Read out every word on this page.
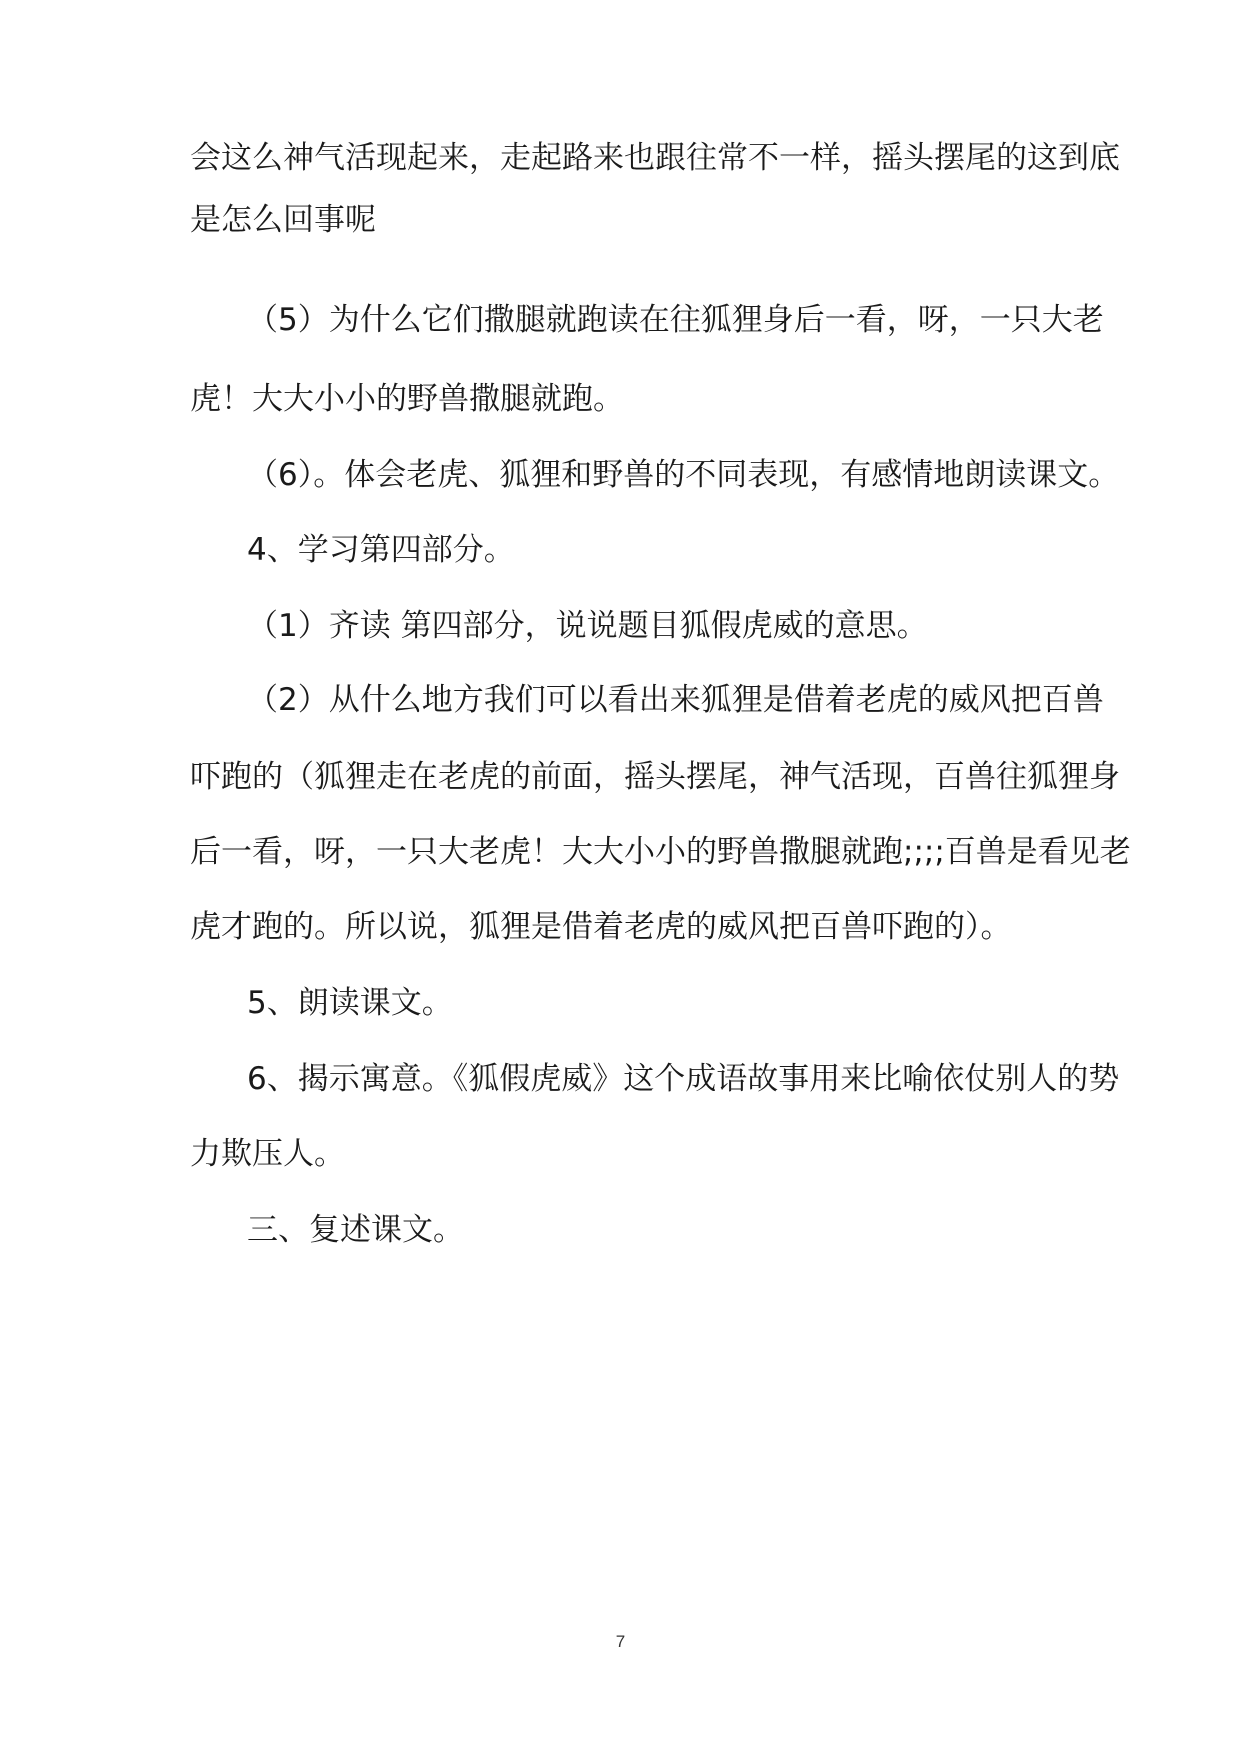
会这么神气活现起来，走起路来也跟往常不一样，摇头摆尾的这到底
是怎么回事呢
（5）为什么它们撒腿就跑读在往狐狸身后一看，呀，一只大老
虎！大大小小的野兽撒腿就跑。
（6）。体会老虎、狐狸和野兽的不同表现，有感情地朗读课文。
4、学习第四部分。
（1）齐读 第四部分，说说题目狐假虎威的意思。
（2）从什么地方我们可以看出来狐狸是借着老虎的威风把百兽
吓跑的（狐狸走在老虎的前面，摇头摆尾，神气活现，百兽往狐狸身
后一看，呀，一只大老虎！大大小小的野兽撒腿就跑;;;;百兽是看见老
虎才跑的。所以说，狐狸是借着老虎的威风把百兽吓跑的）。
5、朗读课文。
6、揭示寓意。《狐假虎威》这个成语故事用来比喻依仗别人的势
力欺压人。
三、复述课文。
7
